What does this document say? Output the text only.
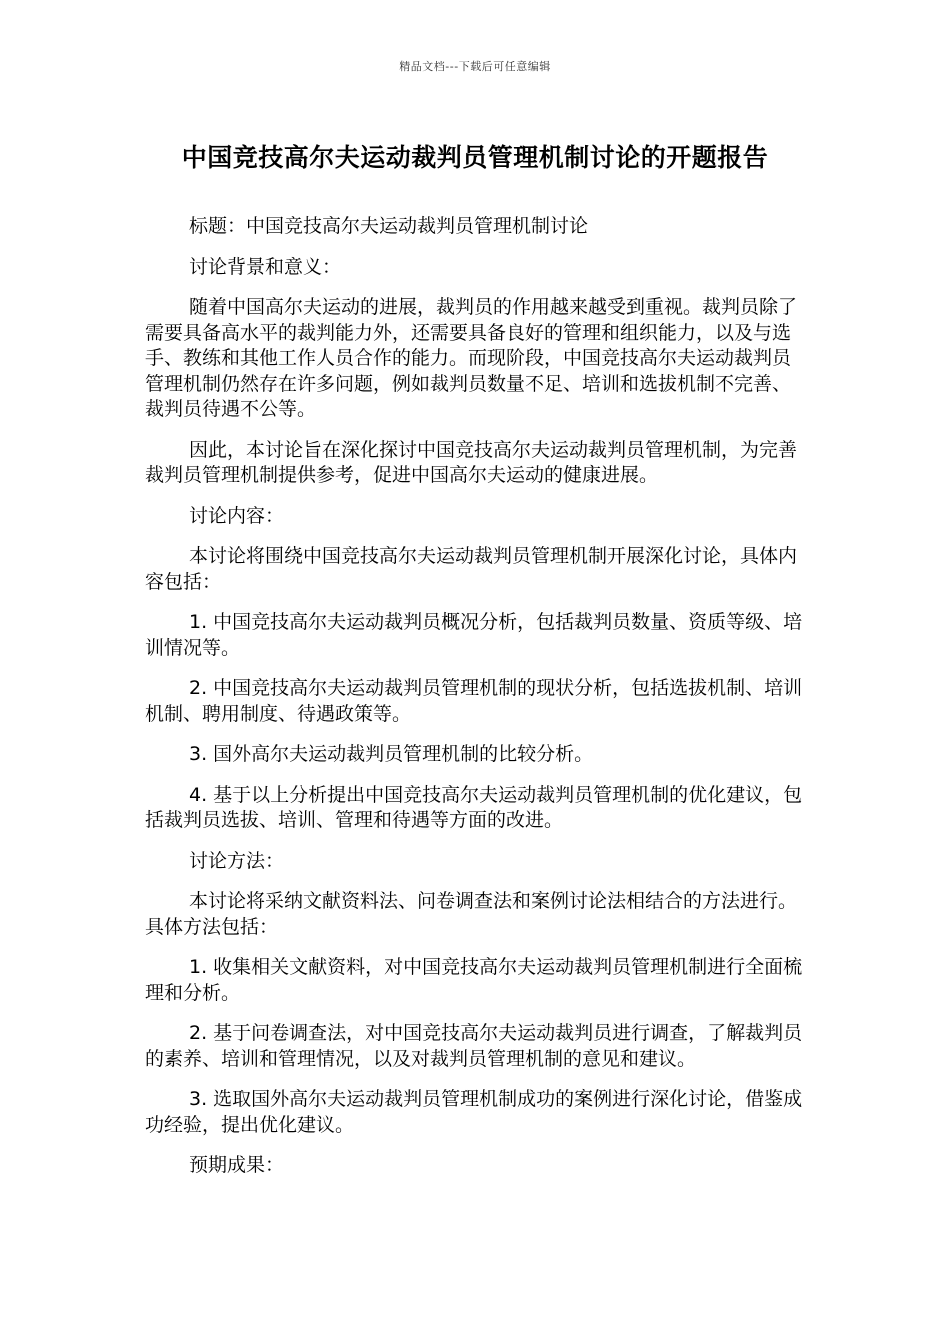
精品文档---下载后可任意编辑
中国竞技高尔夫运动裁判员管理机制讨论的开题报告

标题：中国竞技高尔夫运动裁判员管理机制讨论

讨论背景和意义：

随着中国高尔夫运动的进展，裁判员的作用越来越受到重视。裁判员除了需要具备高水平的裁判能力外，还需要具备良好的管理和组织能力，以及与选手、教练和其他工作人员合作的能力。而现阶段，中国竞技高尔夫运动裁判员管理机制仍然存在许多问题，例如裁判员数量不足、培训和选拔机制不完善、裁判员待遇不公等。

因此，本讨论旨在深化探讨中国竞技高尔夫运动裁判员管理机制，为完善裁判员管理机制提供参考，促进中国高尔夫运动的健康进展。

讨论内容：

本讨论将围绕中国竞技高尔夫运动裁判员管理机制开展深化讨论，具体内容包括：

1. 中国竞技高尔夫运动裁判员概况分析，包括裁判员数量、资质等级、培训情况等。

2. 中国竞技高尔夫运动裁判员管理机制的现状分析，包括选拔机制、培训机制、聘用制度、待遇政策等。

3. 国外高尔夫运动裁判员管理机制的比较分析。

4. 基于以上分析提出中国竞技高尔夫运动裁判员管理机制的优化建议，包括裁判员选拔、培训、管理和待遇等方面的改进。

讨论方法：

本讨论将采纳文献资料法、问卷调查法和案例讨论法相结合的方法进行。具体方法包括：

1. 收集相关文献资料，对中国竞技高尔夫运动裁判员管理机制进行全面梳理和分析。

2. 基于问卷调查法，对中国竞技高尔夫运动裁判员进行调查，了解裁判员的素养、培训和管理情况，以及对裁判员管理机制的意见和建议。

3. 选取国外高尔夫运动裁判员管理机制成功的案例进行深化讨论，借鉴成功经验，提出优化建议。

预期成果：
